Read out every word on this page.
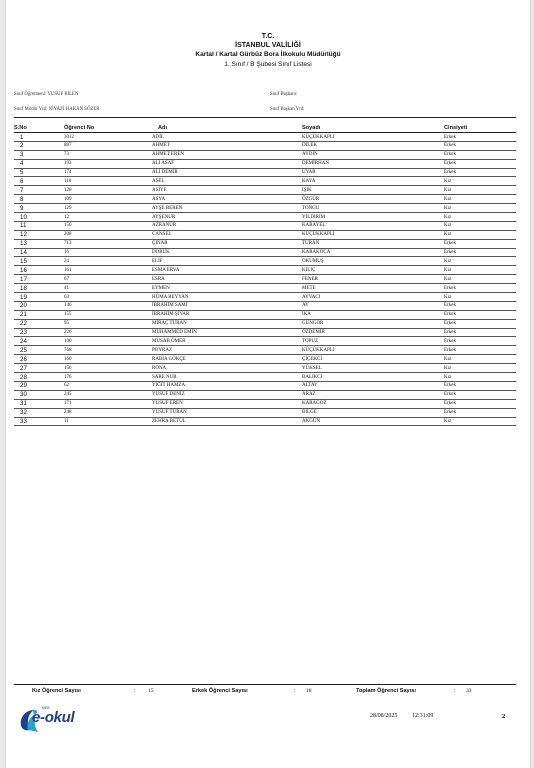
T.C.
İSTANBUL VALİLİĞİ
Kartal / Kartal Gürbüz Bora İlkokulu Müdürlüğü
1. Sınıf / B Şubesi Sınıf Listesi
Sınıf Öğretmeni: YUSUF BİLEN
Sınıf Müdür Yrd: NİYAZİ HAKAN SÖZER
Sınıf Başkanı:
Sınıf Başkan Yrd:
S.No	Öğrenci No	Adı	Soyadı	Cinsiyeti
1	3012	ADİL	KÜÇÜKKAPLI	Erkek
2	887	AHMET	DİLEK	Erkek
3	73	AHMET EREN	AYDIN	Erkek
4	193	ALİ ASAF	DEMİRHAN	Erkek
5	174	ALİ DEMİR	UYAR	Erkek
6	110	ASEL	KAYA	Kız
7	128	ASİYE	IŞIK	Kız
8	109	ASYA	ÖZGÜR	Kız
9	129	AYŞE BEREN	TONGU	Kız
10	12	AYŞENUR	YILDIRIM	Kız
11	150	AZRANUR	KARAYEL	Kız
12	208	CANSEL	KÜÇÜKKAPLI	Kız
13	713	ÇINAR	TURAN	Erkek
14	16	DORUK	KARAKOCA	Erkek
15	24	ELİF	OKUMUŞ	Kız
16	161	ESMA ERVA	KILIÇ	Kız
17	67	ESRA	FENER	Kız
18	41	EYMEN	METE	Erkek
19	63	HÜMA REYYAN	AYVACI	Kız
20	146	İBRAHİM SAMİ	AY	Erkek
21	155	İBRAHİM ŞİYAR	İKA	Erkek
22	95	MİRAÇ TURAN	GÜNGÖR	Erkek
23	226	MUHAMMED EMİN	ÖZDEMİR	Erkek
24	100	MUSAB ÖMER	TOPUZ	Erkek
25	768	POYRAZ	KÜÇÜKKAPLI	Erkek
26	160	RABİA GÖKÇE	ÇİÇEKCİ	Kız
27	156	RONA	YÜKSEL	Kız
28	176	SARE NUR	BALIKCI	Kız
29	62	YİĞİT HAMZA	ALTAY	Erkek
30	245	YUSUF DENİZ	ARAZ	Erkek
31	171	YUSUF EREN	KARAGÖZ	Erkek
32	248	YUSUF TURAN	BİLGE	Erkek
33	11	ZEHRA BETÜL	AKGÜN	Kız
Kız Öğrenci Sayısı	: 15	Erkek Öğrenci Sayısı	: 18	Toplam Öğrenci Sayısı	: 33
MEB
e-okul	28/08/2025 12:31:09	2
